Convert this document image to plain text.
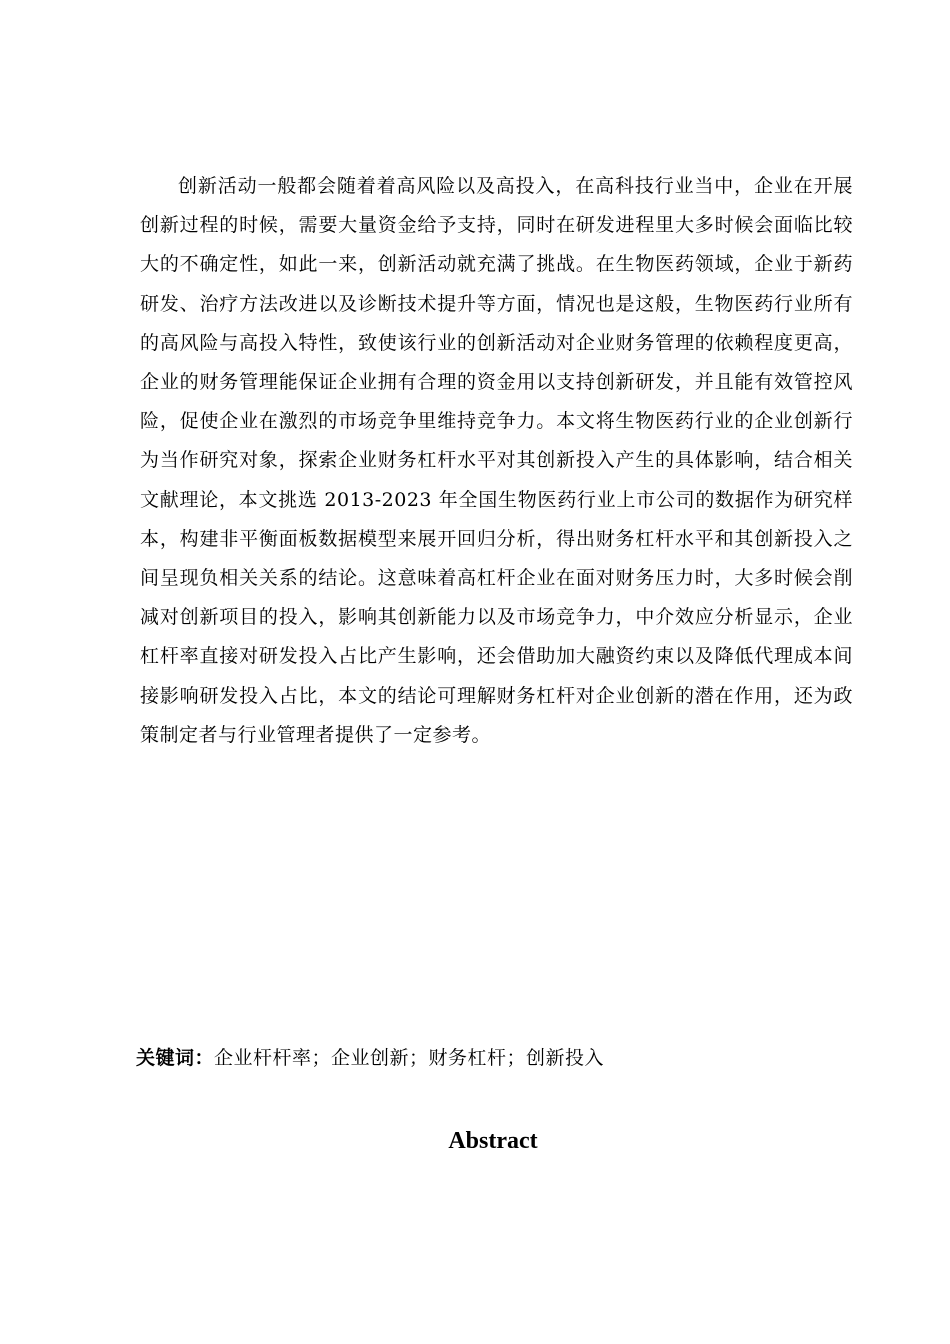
创新活动一般都会随着着高风险以及高投入，在高科技行业当中，企业在开展创新过程的时候，需要大量资金给予支持，同时在研发进程里大多时候会面临比较大的不确定性，如此一来，创新活动就充满了挑战。在生物医药领域，企业于新药研发、治疗方法改进以及诊断技术提升等方面，情况也是这般，生物医药行业所有的高风险与高投入特性，致使该行业的创新活动对企业财务管理的依赖程度更高，企业的财务管理能保证企业拥有合理的资金用以支持创新研发，并且能有效管控风险，促使企业在激烈的市场竞争里维持竞争力。本文将生物医药行业的企业创新行为当作研究对象，探索企业财务杠杆水平对其创新投入产生的具体影响，结合相关文献理论，本文挑选 2013-2023 年全国生物医药行业上市公司的数据作为研究样本，构建非平衡面板数据模型来展开回归分析，得出财务杠杆水平和其创新投入之间呈现负相关关系的结论。这意味着高杠杆企业在面对财务压力时，大多时候会削减对创新项目的投入，影响其创新能力以及市场竞争力，中介效应分析显示，企业杠杆率直接对研发投入占比产生影响，还会借助加大融资约束以及降低代理成本间接影响研发投入占比，本文的结论可理解财务杠杆对企业创新的潜在作用，还为政策制定者与行业管理者提供了一定参考。

关键词：企业杆杆率；企业创新；财务杠杆；创新投入

Abstract
